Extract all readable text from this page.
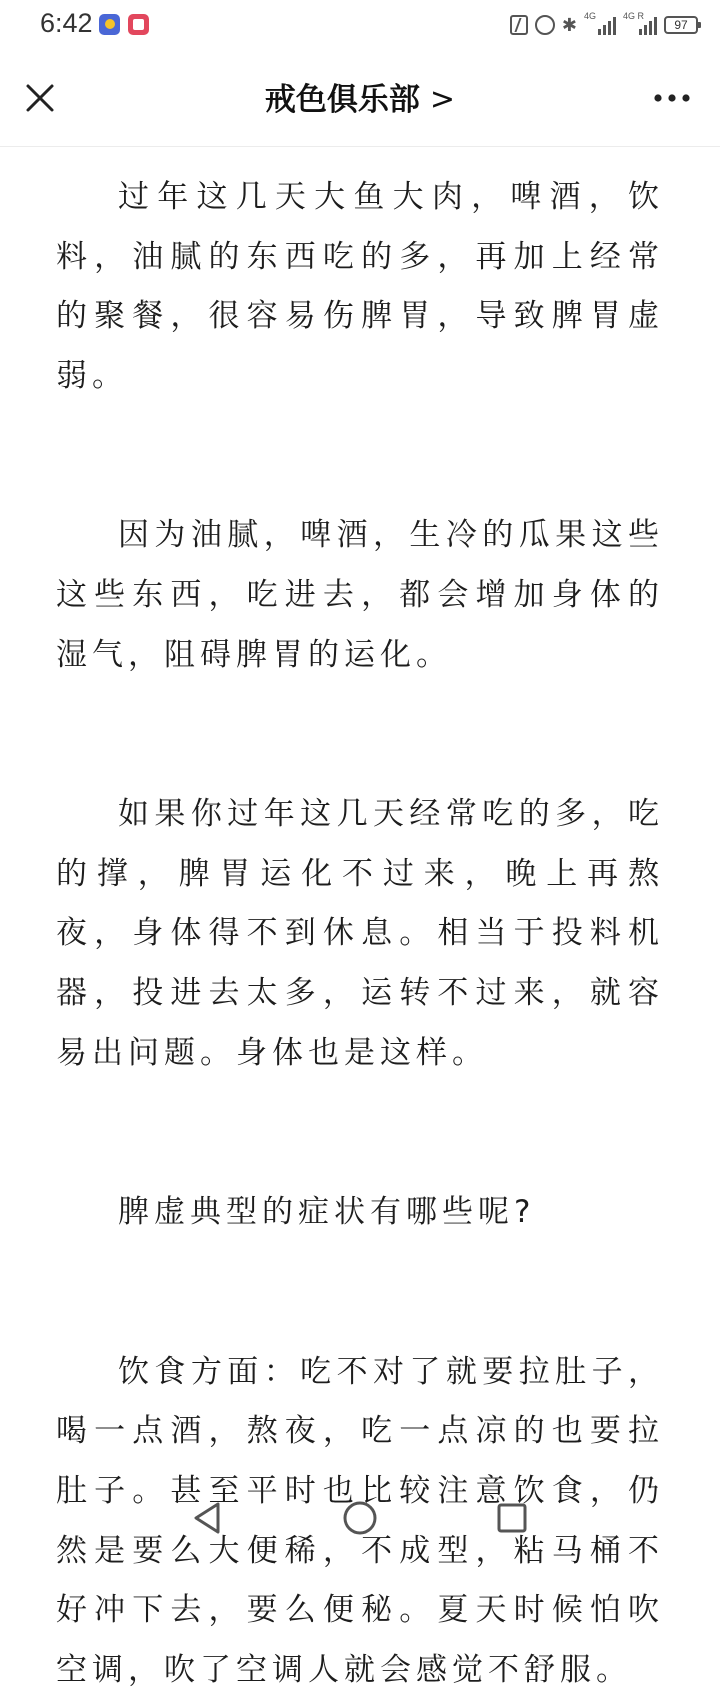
6:42	✱ 4G	4G R
97
戒色俱乐部 >

过年这几天大鱼大肉，啤酒，饮料，油腻的东西吃的多，再加上经常的聚餐，很容易伤脾胃，导致脾胃虚弱。

因为油腻，啤酒，生冷的瓜果这些这些东西，吃进去，都会增加身体的湿气，阻碍脾胃的运化。

如果你过年这几天经常吃的多，吃的撑，脾胃运化不过来，晚上再熬夜，身体得不到休息。相当于投料机器，投进去太多，运转不过来，就容易出问题。身体也是这样。

脾虚典型的症状有哪些呢?

饮食方面：吃不对了就要拉肚子，喝一点酒，熬夜，吃一点凉的也要拉肚子。甚至平时也比较注意饮食，仍然是要么大便稀，不成型，粘马桶不好冲下去，要么便秘。夏天时候怕吹空调，吹了空调人就会感觉不舒服。
